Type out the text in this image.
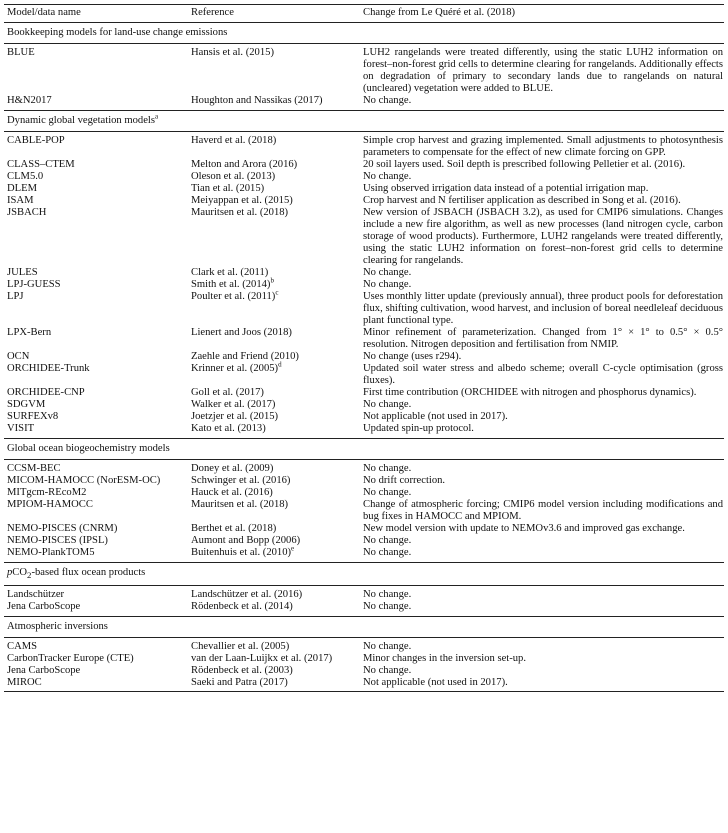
Model/data name	Reference	Change from Le Quéré et al. (2018)
Bookkeeping models for land-use change emissions		
BLUE	Hansis et al. (2015)	LUH2 rangelands were treated differently, using the static LUH2 information on forest–non-forest grid cells to determine clearing for rangelands. Additionally effects on degradation of primary to secondary lands due to rangelands on natural (uncleared) vegetation were added to BLUE.
H&N2017	Houghton and Nassikas (2017)	No change.
Dynamic global vegetation models$^a$
CABLE-POP	Haverd et al. (2018)	Simple crop harvest and grazing implemented. Small adjustments to photosynthesis parameters to compensate for the effect of new climate forcing on GPP.
CLASS–CTEM	Melton and Arora (2016)	20 soil layers used. Soil depth is prescribed following Pelletier et al. (2016).
CLM5.0	Oleson et al. (2013)	No change.
DLEM	Tian et al. (2015)	Using observed irrigation data instead of a potential irrigation map.
ISAM	Meiyappan et al. (2015)	Crop harvest and N fertiliser application as described in Song et al. (2016).
JSBACH	Mauritsen et al. (2018)	New version of JSBACH (JSBACH 3.2), as used for CMIP6 simulations. Changes include a new fire algorithm, as well as new processes (land nitrogen cycle, carbon storage of wood products). Furthermore, LUH2 rangelands were treated differently, using the static LUH2 information on forest–non-forest grid cells to determine clearing for rangelands.
JULES	Clark et al. (2011)	No change.
LPJ-GUESS	Smith et al. $(2014)^b$	No change.
LPJ	Poulter et al. $(2011)^c$	Uses monthly litter update (previously annual), three product pools for deforestation flux, shifting cultivation, wood harvest, and inclusion of boreal needleleaf deciduous plant functional type.
LPX-Bern	Lienert and Joos (2018)	Minor refinement of parameterization. Changed from 1° × 1° to 0.5° × 0.5° resolution. Nitrogen deposition and fertilisation from NMIP.
OCN	Zaehle and Friend (2010)	No change (uses r294).
ORCHIDEE-Trunk	Krinner et al. $(2005)^d$	Updated soil water stress and albedo scheme; overall C-cycle optimisation (gross fluxes).
ORCHIDEE-CNP	Goll et al. (2017)	First time contribution (ORCHIDEE with nitrogen and phosphorus dynamics).
SDGVM	Walker et al. (2017)	No change.
SURFEXv8	Joetzjer et al. (2015)	Not applicable (not used in 2017).
VISIT	Kato et al. (2013)	Updated spin-up protocol.
Global ocean biogeochemistry models		
CCSM-BEC	Doney et al. (2009)	No change.
MICOM-HAMOCC (NorESM-OC)	Schwinger et al. (2016)	No drift correction.
MITgcm-REcoM2	Hauck et al. (2016)	No change.
MPIOM-HAMOCC	Mauritsen et al. (2018)	Change of atmospheric forcing; CMIP6 model version including modifications and bug fixes in HAMOCC and MPIOM.
NEMO-PISCES (CNRM)	Berthet et al. (2018)	New model version with update to NEMOv3.6 and improved gas exchange.
NEMO-PISCES (IPSL)	Aumont and Bopp (2006)	No change.
NEMO-PlankTOM5	Buitenhuis et al. $(2010)^e$	No change.
pCO$_2$-based flux ocean products		
Landschützer	Landschützer et al. (2016)	No change.
Jena CarboScope	Rödenbeck et al. (2014)	No change.
Atmospheric inversions		
CAMS	Chevallier et al. (2005)	No change.
CarbonTracker Europe (CTE)	van der Laan-Luijkx et al. (2017)	Minor changes in the inversion set-up.
Jena CarboScope	Rödenbeck et al. (2003)	No change.
MIROC	Saeki and Patra (2017)	Not applicable (not used in 2017).
